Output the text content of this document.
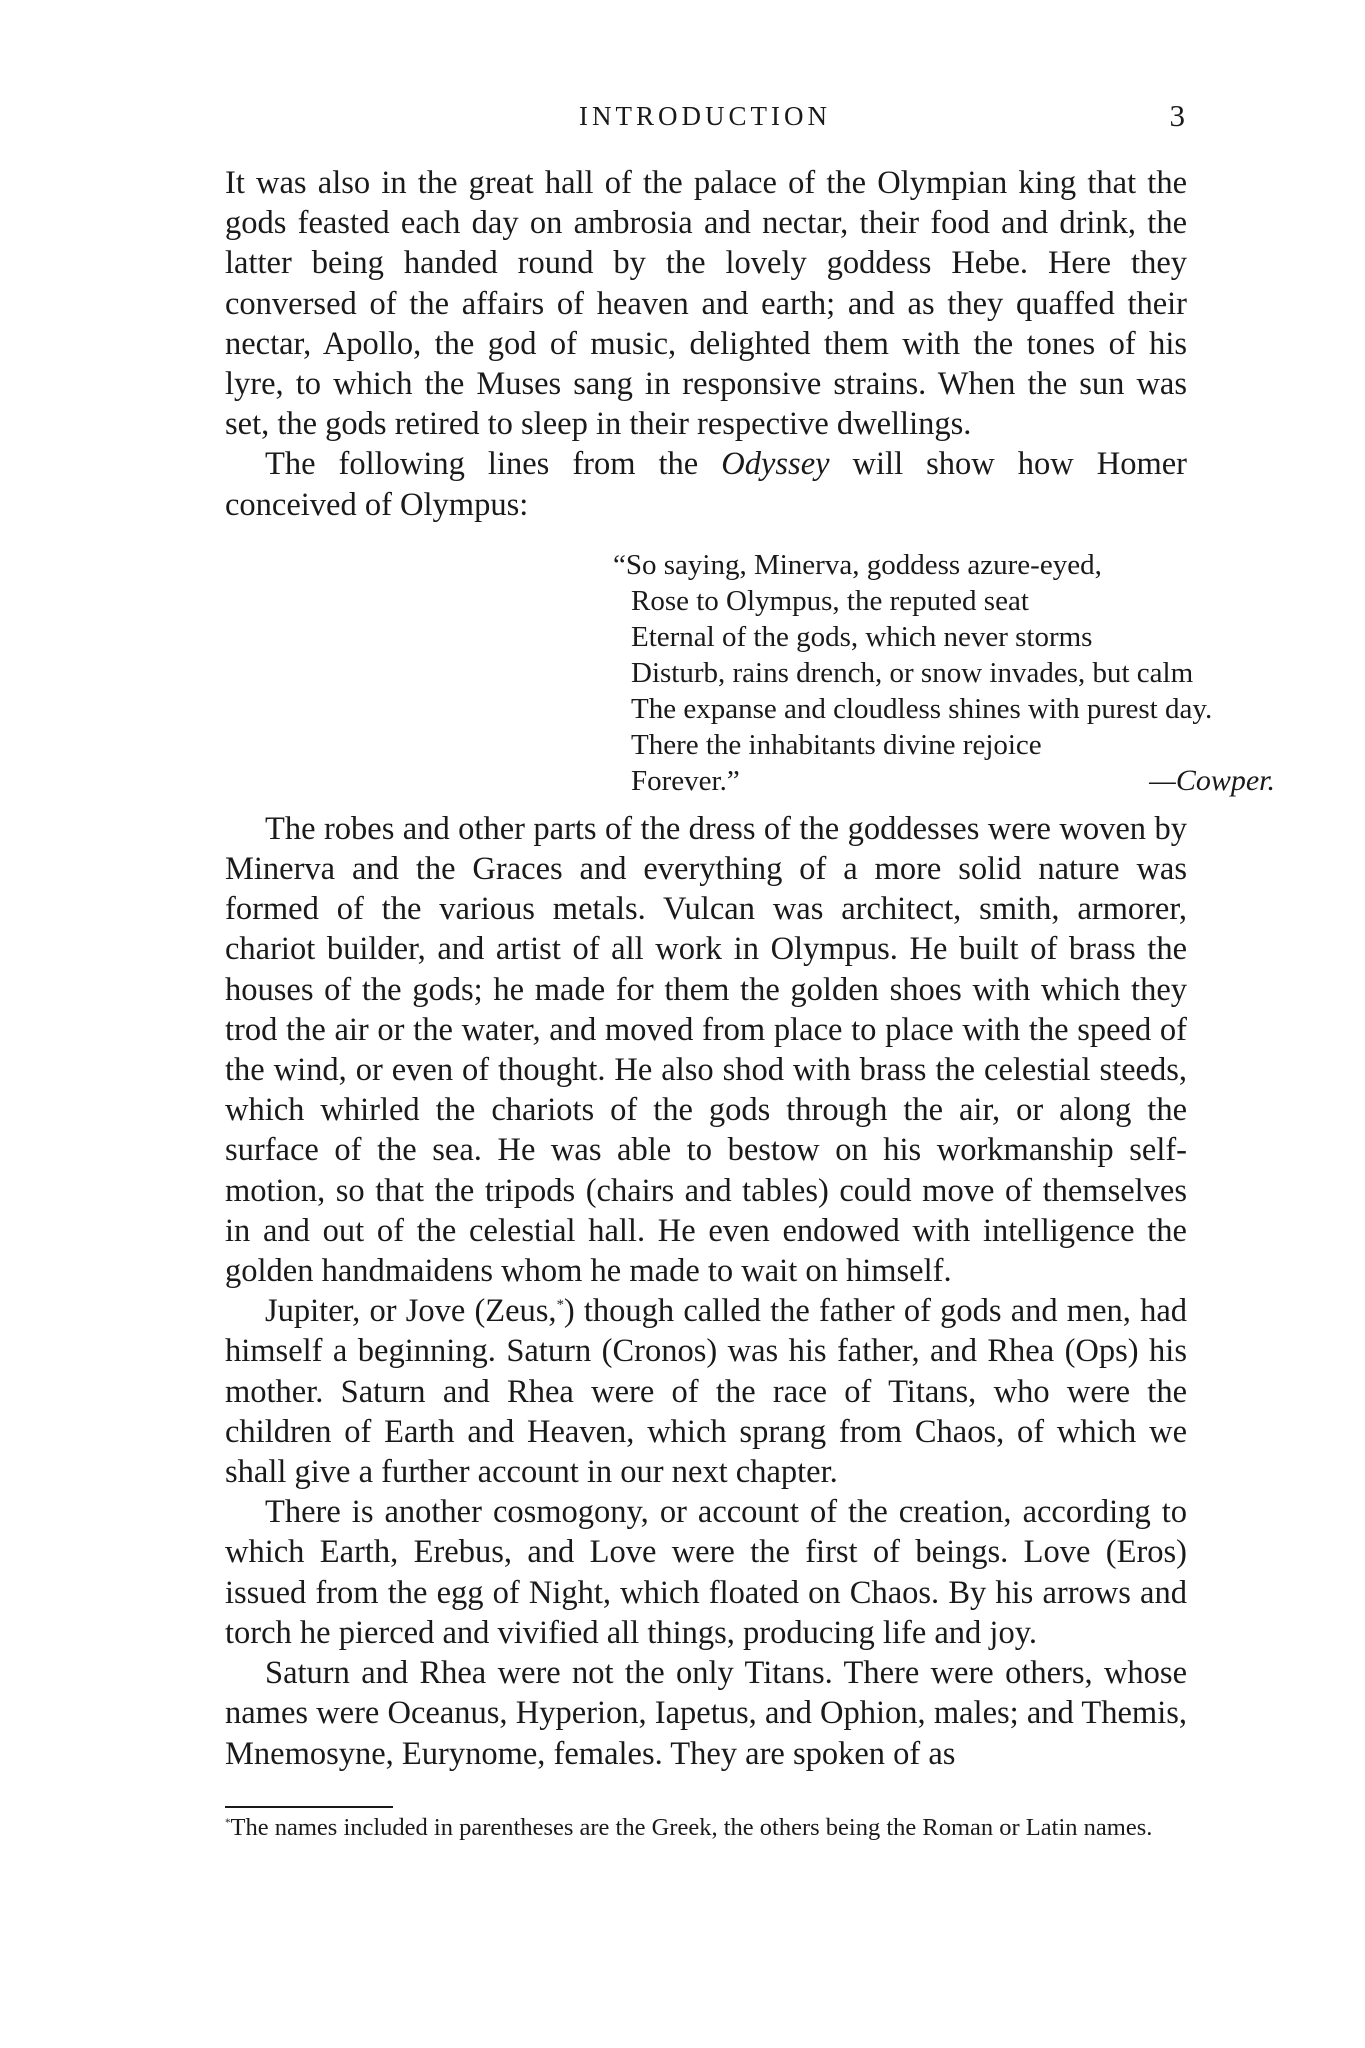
INTRODUCTION	3

It was also in the great hall of the palace of the Olympian king that the gods feasted each day on ambrosia and nectar, their food and drink, the latter being handed round by the lovely goddess Hebe. Here they conversed of the affairs of heaven and earth; and as they quaffed their nectar, Apollo, the god of music, delighted them with the tones of his lyre, to which the Muses sang in responsive strains. When the sun was set, the gods retired to sleep in their respective dwellings.

The following lines from the Odyssey will show how Homer conceived of Olympus:

“So saying, Minerva, goddess azure-eyed,
Rose to Olympus, the reputed seat
Eternal of the gods, which never storms
Disturb, rains drench, or snow invades, but calm
The expanse and cloudless shines with purest day.
There the inhabitants divine rejoice
Forever.”	—Cowper.

The robes and other parts of the dress of the goddesses were woven by Minerva and the Graces and everything of a more solid nature was formed of the various metals. Vulcan was architect, smith, armorer, chariot builder, and artist of all work in Olympus. He built of brass the houses of the gods; he made for them the golden shoes with which they trod the air or the water, and moved from place to place with the speed of the wind, or even of thought. He also shod with brass the celestial steeds, which whirled the chariots of the gods through the air, or along the surface of the sea. He was able to bestow on his workmanship self-motion, so that the tripods (chairs and tables) could move of themselves in and out of the celestial hall. He even endowed with intelligence the golden handmaidens whom he made to wait on himself.

Jupiter, or Jove (Zeus,*) though called the father of gods and men, had himself a beginning. Saturn (Cronos) was his father, and Rhea (Ops) his mother. Saturn and Rhea were of the race of Titans, who were the children of Earth and Heaven, which sprang from Chaos, of which we shall give a further account in our next chapter.

There is another cosmogony, or account of the creation, according to which Earth, Erebus, and Love were the first of beings. Love (Eros) issued from the egg of Night, which floated on Chaos. By his arrows and torch he pierced and vivified all things, producing life and joy.

Saturn and Rhea were not the only Titans. There were others, whose names were Oceanus, Hyperion, Iapetus, and Ophion, males; and Themis, Mnemosyne, Eurynome, females. They are spoken of as

*The names included in parentheses are the Greek, the others being the Roman or Latin names.
